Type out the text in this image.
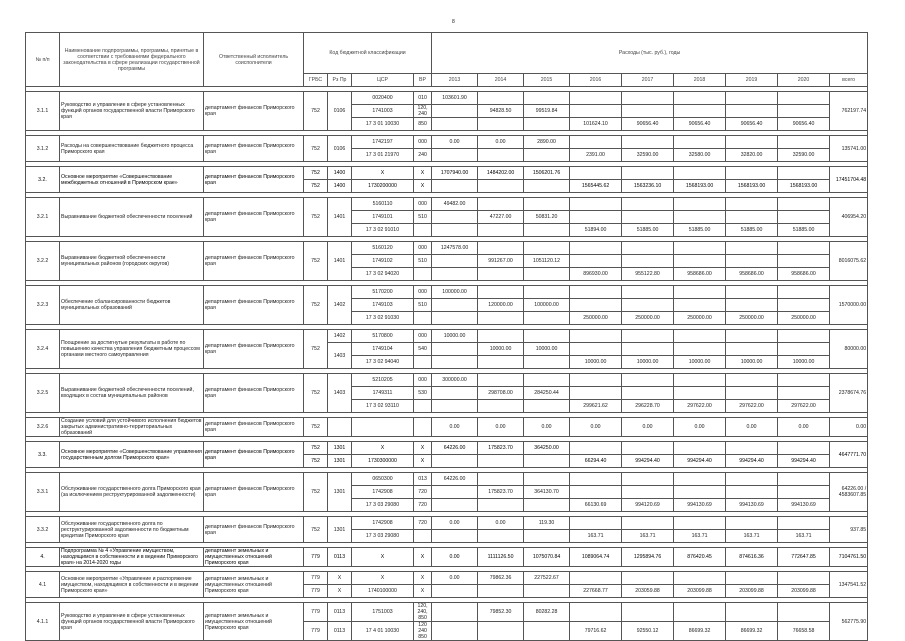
8
№ п/п	Наименование подпрограммы, программы, принятые в соответствии с требованиями федерального законодательства в сфере реализации государственной программы	Ответственный исполнитель соисполнители	Код бюджетной классификации				Расходы (тыс. руб.), годы								
			ГРБС	Рз Пр	ЦСР	ВР	2013	2014	2015	2016	2017	2018	2019	2020	всего

3.1.1	Руководство и управление в сфере установленных функций органов государственной власти Приморского края	департамент финансов Приморского края	752	0106	0020400	010	103601.90								762197.74
					1741003	120, 240		94828.50	99519.84						
					17 3 01 10030	850				101624.10	90656.40	90656.40	90656.40	90656.40	

3.1.2	Расходы на совершенствование бюджетного процесса Приморского края	департамент финансов Приморского края	752	0106	1742197	000	0.00	0.00	2890.00						135741.00
					17 3 01 21970	240				2391.00	32590.00	32580.00	32820.00	32590.00	

3.2.	Основное мероприятие «Совершенствование межбюджетных отношений в Приморском крае»	департамент финансов Приморского края	752	1400	X	X	1707940.00	1484202.00	1506201.76						17451704.48
			752	1400	1730200000	X				1565445.62	1563236.10	1568193.00	1568193.00	1568193.00	

3.2.1	Выравнивание бюджетной обеспеченности поселений	департамент финансов Приморского края	752	1401	5160110	000	49482.00								406954.20
					1749101	510		47227.00	50831.20						
					17 3 02 91010					51894.00	51885.00	51885.00	51885.00	51885.00	

3.2.2	Выравнивание бюджетной обеспеченности муниципальных районов (городских округов)	департамент финансов Приморского края	752	1401	5160120	000	1247578.00								8016075.62
					1749102	510		991267.00	1051120.12						
					17 3 02 94020					896930.00	955122.80	958686.00	958686.00	958686.00	

3.2.3	Обеспечение сбалансированности бюджетов муниципальных образований	департамент финансов Приморского края	752	1402	5170200	000	100000.00								1570000.00
					1749103	510		120000.00	100000.00						
					17 3 02 91030					250000.00	250000.00	250000.00	250000.00	250000.00	

3.2.4	Поощрение за достигнутые результаты в работе по повышению качества управления бюджетным процессом органами местного самоуправления	департамент финансов Приморского края	752	1402	5170800	000	10000.00								80000.00
				1403	1749104	540		10000.00	10000.00						
					17 3 02 94040					10000.00	10000.00	10000.00	10000.00	10000.00	

3.2.5	Выравнивание бюджетной обеспеченности поселений, входящих в состав муниципальных районов	департамент финансов Приморского края	752	1403	5210205	000	300000.00								2378674.76
					1749311	530		298708.00	284250.44						
					17 3 02 93110					299621.62	296228.70	297622.00	297622.00	297622.00	

3.2.6	Создание условий для устойчивого исполнения бюджетов закрытых административно-территориальных образований	департамент финансов Приморского края	752				0.00	0.00	0.00	0.00	0.00	0.00	0.00	0.00	0.00

3.3.	Основное мероприятие «Совершенствование управления государственным долгом Приморского края»	департамент финансов Приморского края	752	1301	X	X	64226.00	175823.70	364250.00						4647771.70
			752	1301	1730300000	X				66294.40	994294.40	994294.40	994294.40	994294.40	

3.3.1	Обслуживание государственного долга Приморского края (за исключением реструктурированной задолженности)	департамент финансов Приморского края	752	1301	0650300	013	64226.00								64226.00 / 4583607.85
					1742908	720		175823.70	364130.70						
					17 3 03 29080	720				66130.69	994120.69	994130.69	994130.69	994130.69	

3.3.2	Обслуживание государственного долга по реструктурированной задолженности по бюджетным кредитам Приморского края	департамент финансов Приморского края	752	1301	1742908	720	0.00	0.00	119.30						937.85
					17 3 03 29080					163.71	163.71	163.71	163.71	163.71	

4.	Подпрограмма № 4 «Управление имуществом, находящимся в собственности и в ведении Приморского края» на 2014-2020 годы	департамент земельных и имущественных отношений Приморского края	779	0113	X	X	0.00	1111126.50	1075070.84	1089064.74	1295894.76	876420.45	874616.36	772647.85	7104761.50

4.1	Основное мероприятие «Управление и распоряжение имуществом, находящимся в собственности и в ведении Приморского края»	департамент земельных и имущественных отношений Приморского края	779	X	X	X	0.00	79862.36	227522.67						1347541.52
			779	X	1740100000	X				227668.77	203059.88	203099.88	203099.88	203099.88	

4.1.1	Руководство и управление в сфере установленных функций органов государственной власти Приморского края	департамент земельных и имущественных отношений Приморского края	779	0113	1751003	120, 240, 850		79852.30	80282.28						562775.90
			779	0113	17 4 01 10030	120 240 850				79716.62	92550.12	86699.32	86699.32	76658.58	
